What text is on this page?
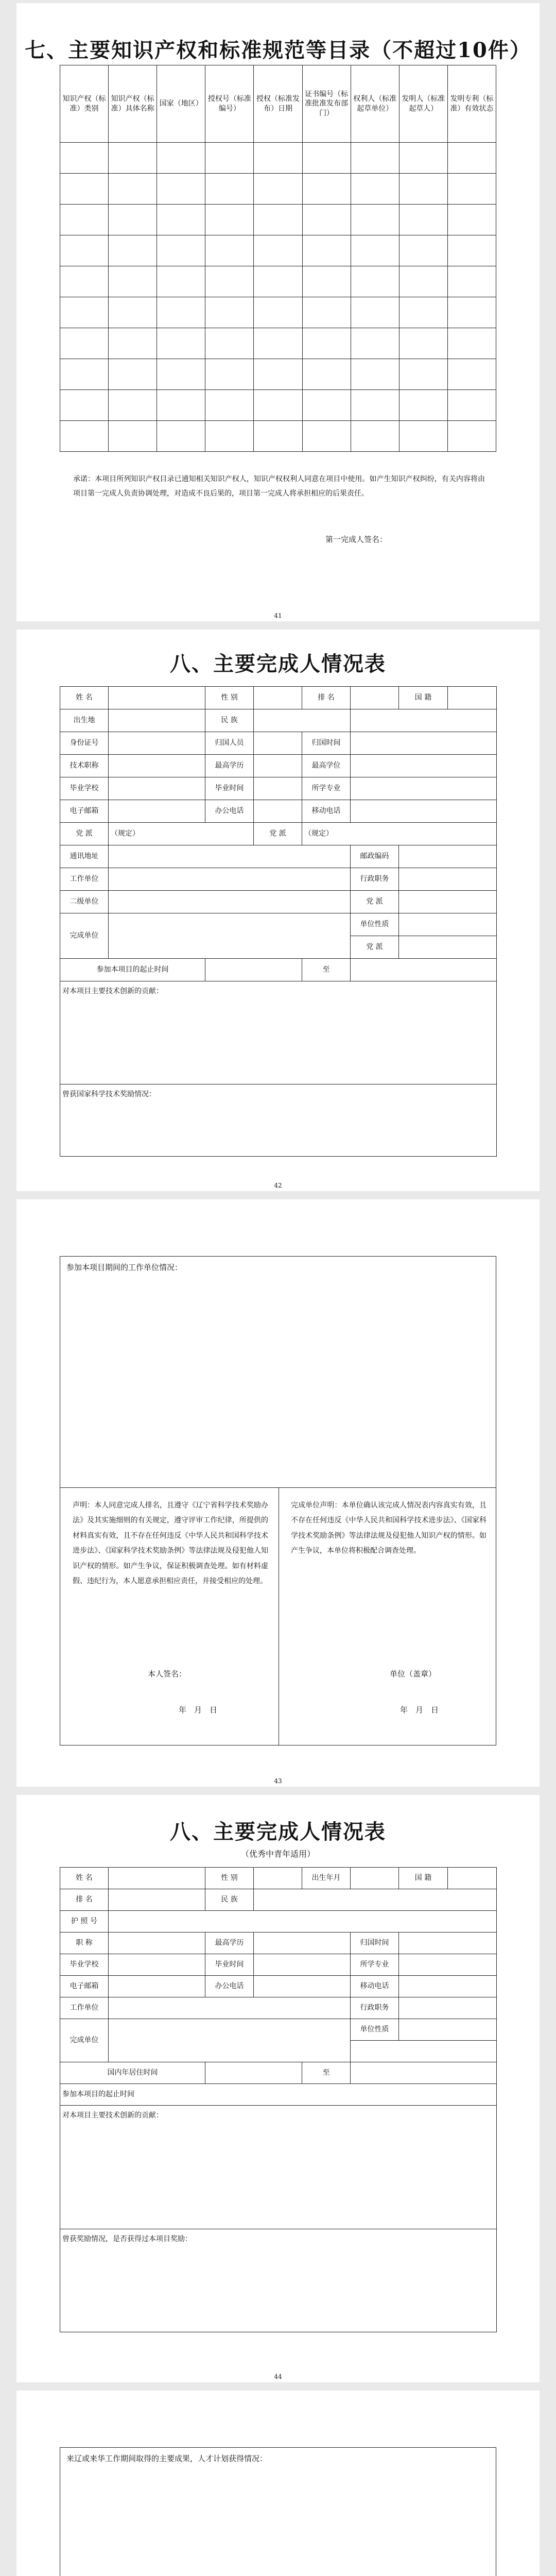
七、主要知识产权和标准规范等目录（不超过10件）
知识产权（标准）类别	知识产权（标准）具体名称	国家（地区）	授权号（标准编号）	授权（标准发布）日期	证书编号（标准批准发布部门）	权利人（标准起草单位）	发明人（标准起草人）	发明专利（标准）有效状态

承诺：本项目所列知识产权目录已通知相关知识产权人，知识产权权利人同意在项目中使用。如产生知识产权纠纷，有关内容将由项目第一完成人负责协调处理，对造成不良后果的，项目第一完成人将承担相应的后果责任。
第一完成人签名：
41
八、主要完成人情况表
姓 名		性 别		排 名		国 籍	
出生地		民 族					
身份证号		归国人员		归国时间			
技术职称		最高学历		最高学位			
毕业学校		毕业时间		所学专业			
电子邮箱		办公电话		移动电话			
党 派	（规定）		党 派	（规定）			
通讯地址					邮政编码		
工作单位					行政职务		
二级单位					党 派		
完成单位					单位性质		
					党 派		
参加本项目的起止时间				至			
对本项目主要技术创新的贡献：							
曾获国家科学技术奖励情况：							
42
参加本项目期间的工作单位情况：
声明：本人同意完成人排名，且遵守《辽宁省科学技术奖励办法》及其实施细则的有关规定，遵守评审工作纪律，所提供的材料真实有效，且不存在任何违反《中华人民共和国科学技术进步法》、《国家科学技术奖励条例》等法律法规及侵犯他人知识产权的情形。如产生争议，保证积极调查处理。如有材料虚假、违纪行为，本人愿意承担相应责任，并接受相应的处理。
完成单位声明：本单位确认该完成人情况表内容真实有效，且不存在任何违反《中华人民共和国科学技术进步法》、《国家科学技术奖励条例》等法律法规及侵犯他人知识产权的情形。如产生争议，本单位将积极配合调查处理。
本人签名：
年　月　日
单位（盖章）
年　月　日
43
八、主要完成人情况表
（优秀中青年适用）
姓 名		性 别		出生年月		国 籍	
排 名		民 族					
护 照 号							
职 称		最高学历			归国时间		
毕业学校		毕业时间			所学专业		
电子邮箱		办公电话			移动电话		
工作单位					行政职务		
完成单位					单位性质		

国内年居住时间				至			
参加本项目的起止时间							
对本项目主要技术创新的贡献：							
曾获奖励情况，是否获得过本项目奖励：							
44
来辽或来华工作期间取得的主要成果，人才计划获得情况：
